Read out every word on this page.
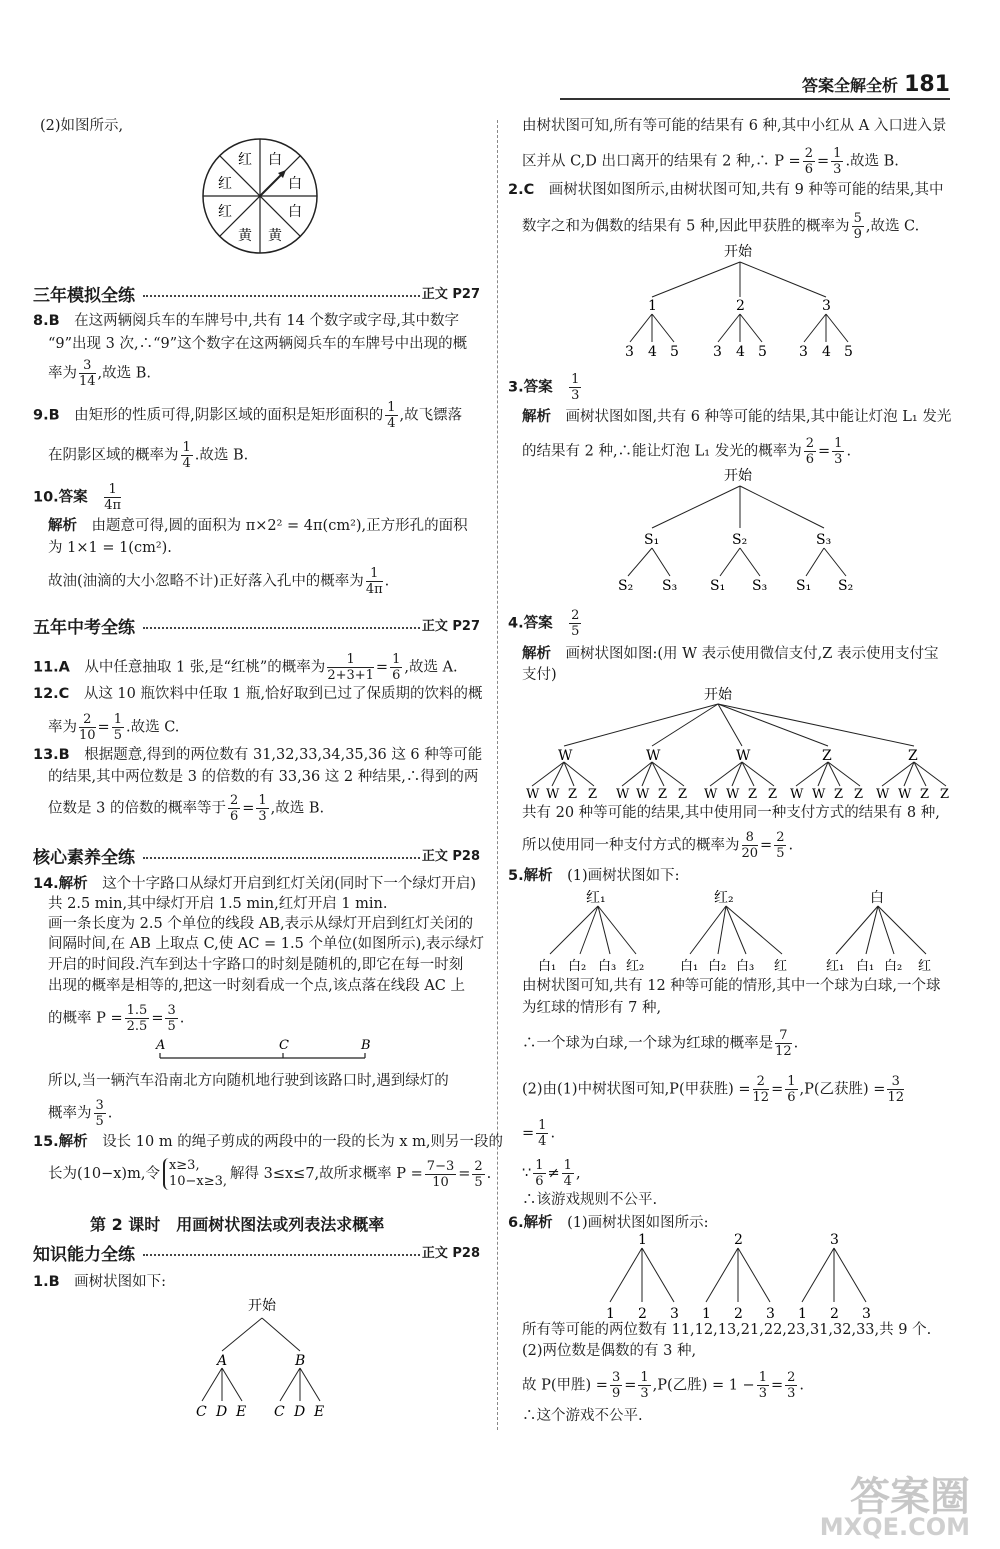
答案全解全析 181
(2)如图所示,
红 白
红	白
红	白
黄 黄
三年模拟全练	正文 P27
8.B　 在这两辆阅兵车的车牌号中,共有 14 个数字或字母,其中数字
“9”出现 3 次,∴“9”这个数字在这两辆阅兵车的车牌号中出现的概
率为 $\frac{3}{14}$ ,故选 B.
9.B　 由矩形的性质可得,阴影区域的面积是矩形面积的 $\frac{1}{4}$ ,故飞镖落
在阴影区域的概率为 $\frac{1}{4}$ .故选 B.
10.答案　 $\frac{1}{4\pi}$
解析　 由题意可得,圆的面积为 π×2² = 4π(cm²),正方形孔的面积
为 1×1 = 1(cm²).
故油(油滴的大小忽略不计)正好落入孔中的概率为 $\frac{1}{4\pi}$ .
五年中考全练	正文 P27
11.A　 从中任意抽取 1 张,是“红桃”的概率为 $\frac{1}{2+3+1} = \frac{1}{6}$ ,故选 A.
12.C　 从这 10 瓶饮料中任取 1 瓶,恰好取到已过了保质期的饮料的概
率为 $\frac{2}{10} = \frac{1}{5}$ .故选 C.
13.B　 根据题意,得到的两位数有 31,32,33,34,35,36 这 6 种等可能
的结果,其中两位数是 3 的倍数的有 33,36 这 2 种结果,∴得到的两
位数是 3 的倍数的概率等于 $\frac{2}{6} = \frac{1}{3}$ ,故选 B.
核心素养全练	正文 P28
14.解析　 这个十字路口从绿灯开启到红灯关闭(同时下一个绿灯开启)
共 2.5 min,其中绿灯开启 1.5 min,红灯开启 1 min.
画一条长度为 2.5 个单位的线段 AB,表示从绿灯开启到红灯关闭的
间隔时间,在 AB 上取点 C,使 AC = 1.5 个单位(如图所示),表示绿灯
开启的时间段.汽车到达十字路口的时刻是随机的,即它在每一时刻
出现的概率是相等的,把这一时刻看成一个点,该点落在线段 AC 上
的概率 $P = \frac{1.5}{2.5} = \frac{3}{5}$ .
A	C	B
所以,当一辆汽车沿南北方向随机地行驶到该路口时,遇到绿灯的
概率为 $\frac{3}{5}$ .
15.解析　 设长 10 m 的绳子剪成的两段中的一段的长为 x m,则另一段的
长为(10−x)m,令
x≥3,
10−x≥3, 解得 3≤x≤7,故所求概率 $P = \frac{7-3}{10} = \frac{2}{5}$ .
第 2 课时　用画树状图法或列表法求概率
知识能力全练	正文 P28
1.B　 画树状图如下:
开始
A	B
C D E C D E
由树状图可知,所有等可能的结果有 6 种,其中小红从 A 入口进入景
区并从 C,D 出口离开的结果有 2 种,∴ $P = \frac{2}{6} = \frac{1}{3}$ .故选 B.
2.C　 画树状图如图所示,由树状图可知,共有 9 种等可能的结果,其中
数字之和为偶数的结果有 5 种,因此甲获胜的概率为 $\frac{5}{9}$ ,故选 C.
开始
1	2	3
3 4 5 3 4 5 3 4 5
3.答案　 $\frac{1}{3}$
解析　 画树状图如图,共有 6 种等可能的结果,其中能让灯泡 L₁ 发光
的结果有 2 种,∴能让灯泡 L₁ 发光的概率为 $\frac{2}{6} = \frac{1}{3}$ .
开始
S₁	S₂	S₃
S₂ S₃ S₁ S₃ S₁ S₂
4.答案　 $\frac{2}{5}$
解析　 画树状图如图:(用 W 表示使用微信支付,Z 表示使用支付宝
支付)
开始
W	W	W	Z	Z
W W Z Z W W Z Z W W Z Z W W Z Z W W Z Z
共有 20 种等可能的结果,其中使用同一种支付方式的结果有 8 种,
所以使用同一种支付方式的概率为 $\frac{8}{20} = \frac{2}{5}$ .
5.解析　 (1)画树状图如下:
红₁	红₂	白
白₁ 白₂ 白₃ 红₂	白₁ 白₂ 白₃ 红	红₁ 白₁ 白₂ 红
由树状图可知,共有 12 种等可能的情形,其中一个球为白球,一个球
为红球的情形有 7 种,
∴一个球为白球,一个球为红球的概率是 $\frac{7}{12}$ .
(2)由(1)中树状图可知,P(甲获胜) = $\frac{2}{12} = \frac{1}{6} ,P$(乙获胜) = $\frac{3}{12}$
= $\frac{1}{4}$ .
∵ $\frac{1}{6} \ne \frac{1}{4}$ ,
∴该游戏规则不公平.
6.解析　 (1)画树状图如图所示:
1	2	3
1 2 3 1 2 3 1 2 3
所有等可能的两位数有 11,12,13,21,22,23,31,32,33,共 9 个.
(2)两位数是偶数的有 3 种,
故 P(甲胜) = $\frac{3}{9} = \frac{1}{3} ,P$(乙胜) = $1 - \frac{1}{3} = \frac{2}{3}$ .
∴这个游戏不公平.
答案圈
MXQE.COM
